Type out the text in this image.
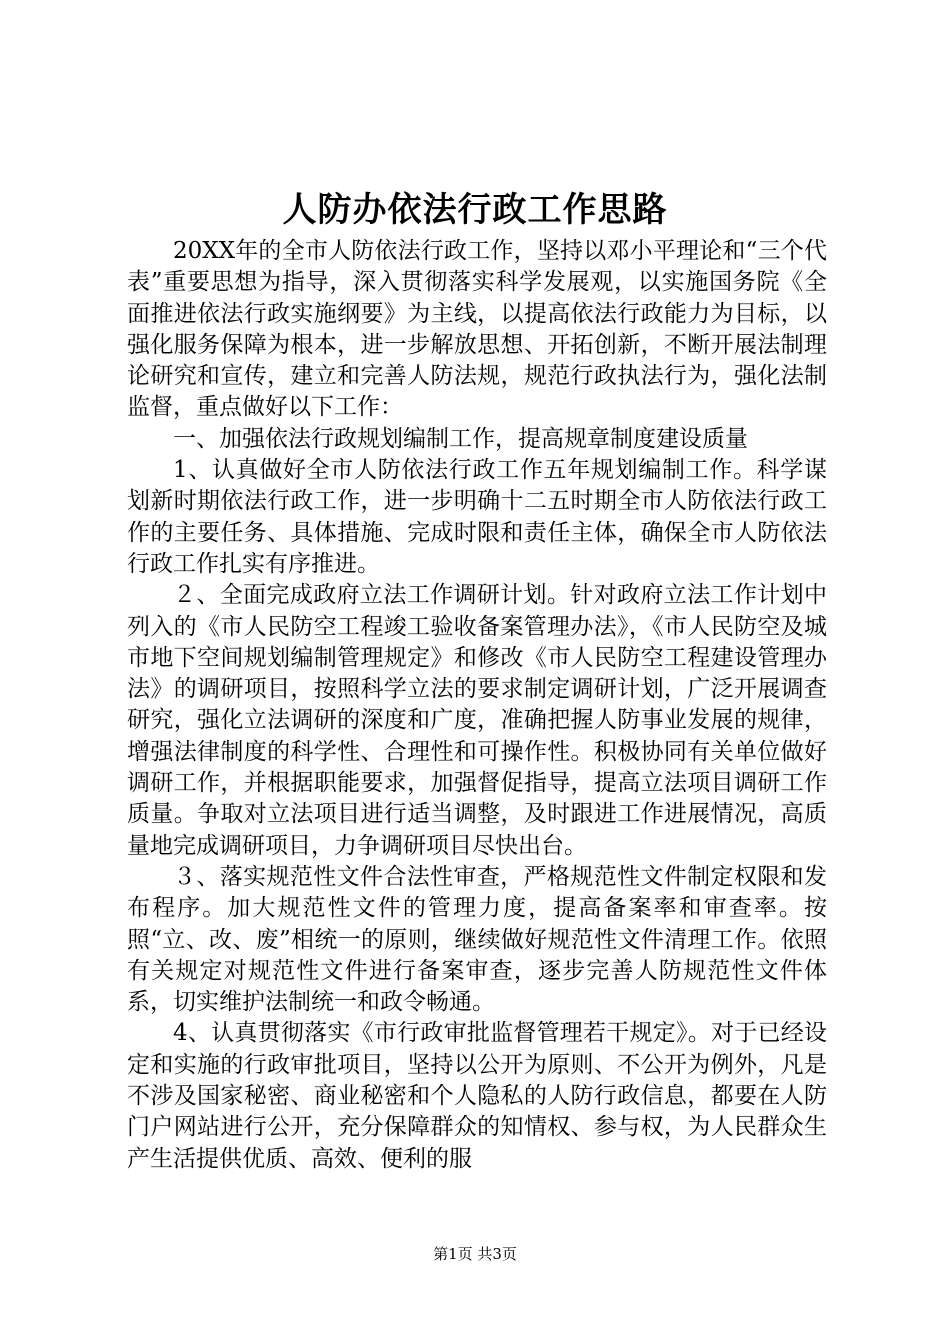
人防办依法行政工作思路

20XX年的全市人防依法行政工作，坚持以邓小平理论和“三个代表”重要思想为指导，深入贯彻落实科学发展观，以实施国务院《全面推进依法行政实施纲要》为主线，以提高依法行政能力为目标，以强化服务保障为根本，进一步解放思想、开拓创新，不断开展法制理论研究和宣传，建立和完善人防法规，规范行政执法行为，强化法制监督，重点做好以下工作：

一、加强依法行政规划编制工作，提高规章制度建设质量

1、认真做好全市人防依法行政工作五年规划编制工作。科学谋划新时期依法行政工作，进一步明确十二五时期全市人防依法行政工作的主要任务、具体措施、完成时限和责任主体，确保全市人防依法行政工作扎实有序推进。

２、全面完成政府立法工作调研计划。针对政府立法工作计划中列入的《市人民防空工程竣工验收备案管理办法》，《市人民防空及城市地下空间规划编制管理规定》和修改《市人民防空工程建设管理办法》的调研项目，按照科学立法的要求制定调研计划，广泛开展调查研究，强化立法调研的深度和广度，准确把握人防事业发展的规律，增强法律制度的科学性、合理性和可操作性。积极协同有关单位做好调研工作，并根据职能要求，加强督促指导，提高立法项目调研工作质量。争取对立法项目进行适当调整，及时跟进工作进展情况，高质量地完成调研项目，力争调研项目尽快出台。

３、落实规范性文件合法性审查，严格规范性文件制定权限和发布程序。加大规范性文件的管理力度，提高备案率和审查率。按照“立、改、废”相统一的原则，继续做好规范性文件清理工作。依照有关规定对规范性文件进行备案审查，逐步完善人防规范性文件体系，切实维护法制统一和政令畅通。

4、认真贯彻落实《市行政审批监督管理若干规定》。对于已经设定和实施的行政审批项目，坚持以公开为原则、不公开为例外，凡是不涉及国家秘密、商业秘密和个人隐私的人防行政信息，都要在人防门户网站进行公开，充分保障群众的知情权、参与权，为人民群众生产生活提供优质、高效、便利的服

第1页 共3页
